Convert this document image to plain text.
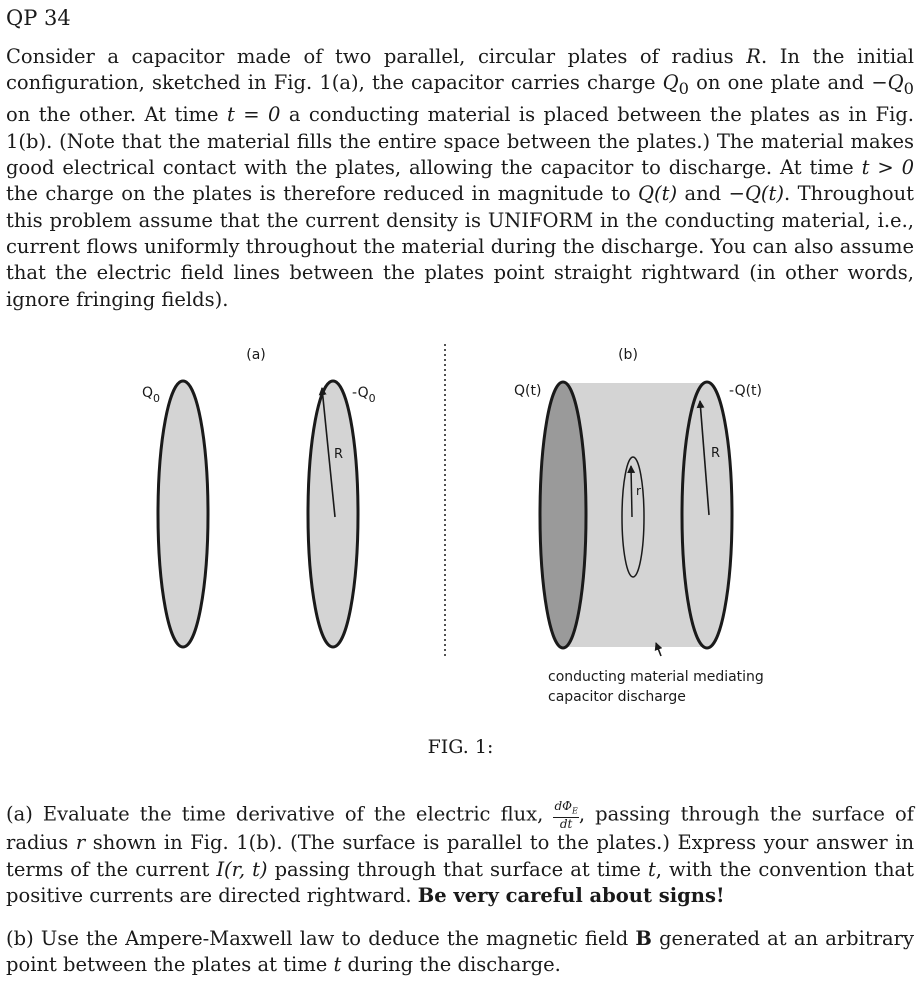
QP 34
Consider a capacitor made of two parallel, circular plates of radius R. In the initial configuration, sketched in Fig. 1(a), the capacitor carries charge $Q_0$ on one plate and $-Q_0$ on the other. At time t = 0 a conducting material is placed between the plates as in Fig. 1(b). (Note that the material fills the entire space between the plates.) The material makes good electrical contact with the plates, allowing the capacitor to discharge. At time t > 0 the charge on the plates is therefore reduced in magnitude to Q(t) and −Q(t). Throughout this problem assume that the current density is UNIFORM in the conducting material, i.e., current flows uniformly throughout the material during the discharge. You can also assume that the electric field lines between the plates point straight rightward (in other words, ignore fringing fields).
(a)
R
$Q_0$	$-Q_0$
(b)
r
R
Q(t)	-Q(t)
conducting material mediating capacitor discharge
FIG. 1:
(a) Evaluate the time derivative of the electric flux, $\frac{d\Phi_E}{dt}$ , passing through the surface of radius r shown in Fig. 1(b). (The surface is parallel to the plates.) Express your answer in terms of the current I(r, t) passing through that surface at time t, with the convention that positive currents are directed rightward. Be very careful about signs!
(b) Use the Ampere-Maxwell law to deduce the magnetic field B generated at an arbitrary point between the plates at time t during the discharge.
